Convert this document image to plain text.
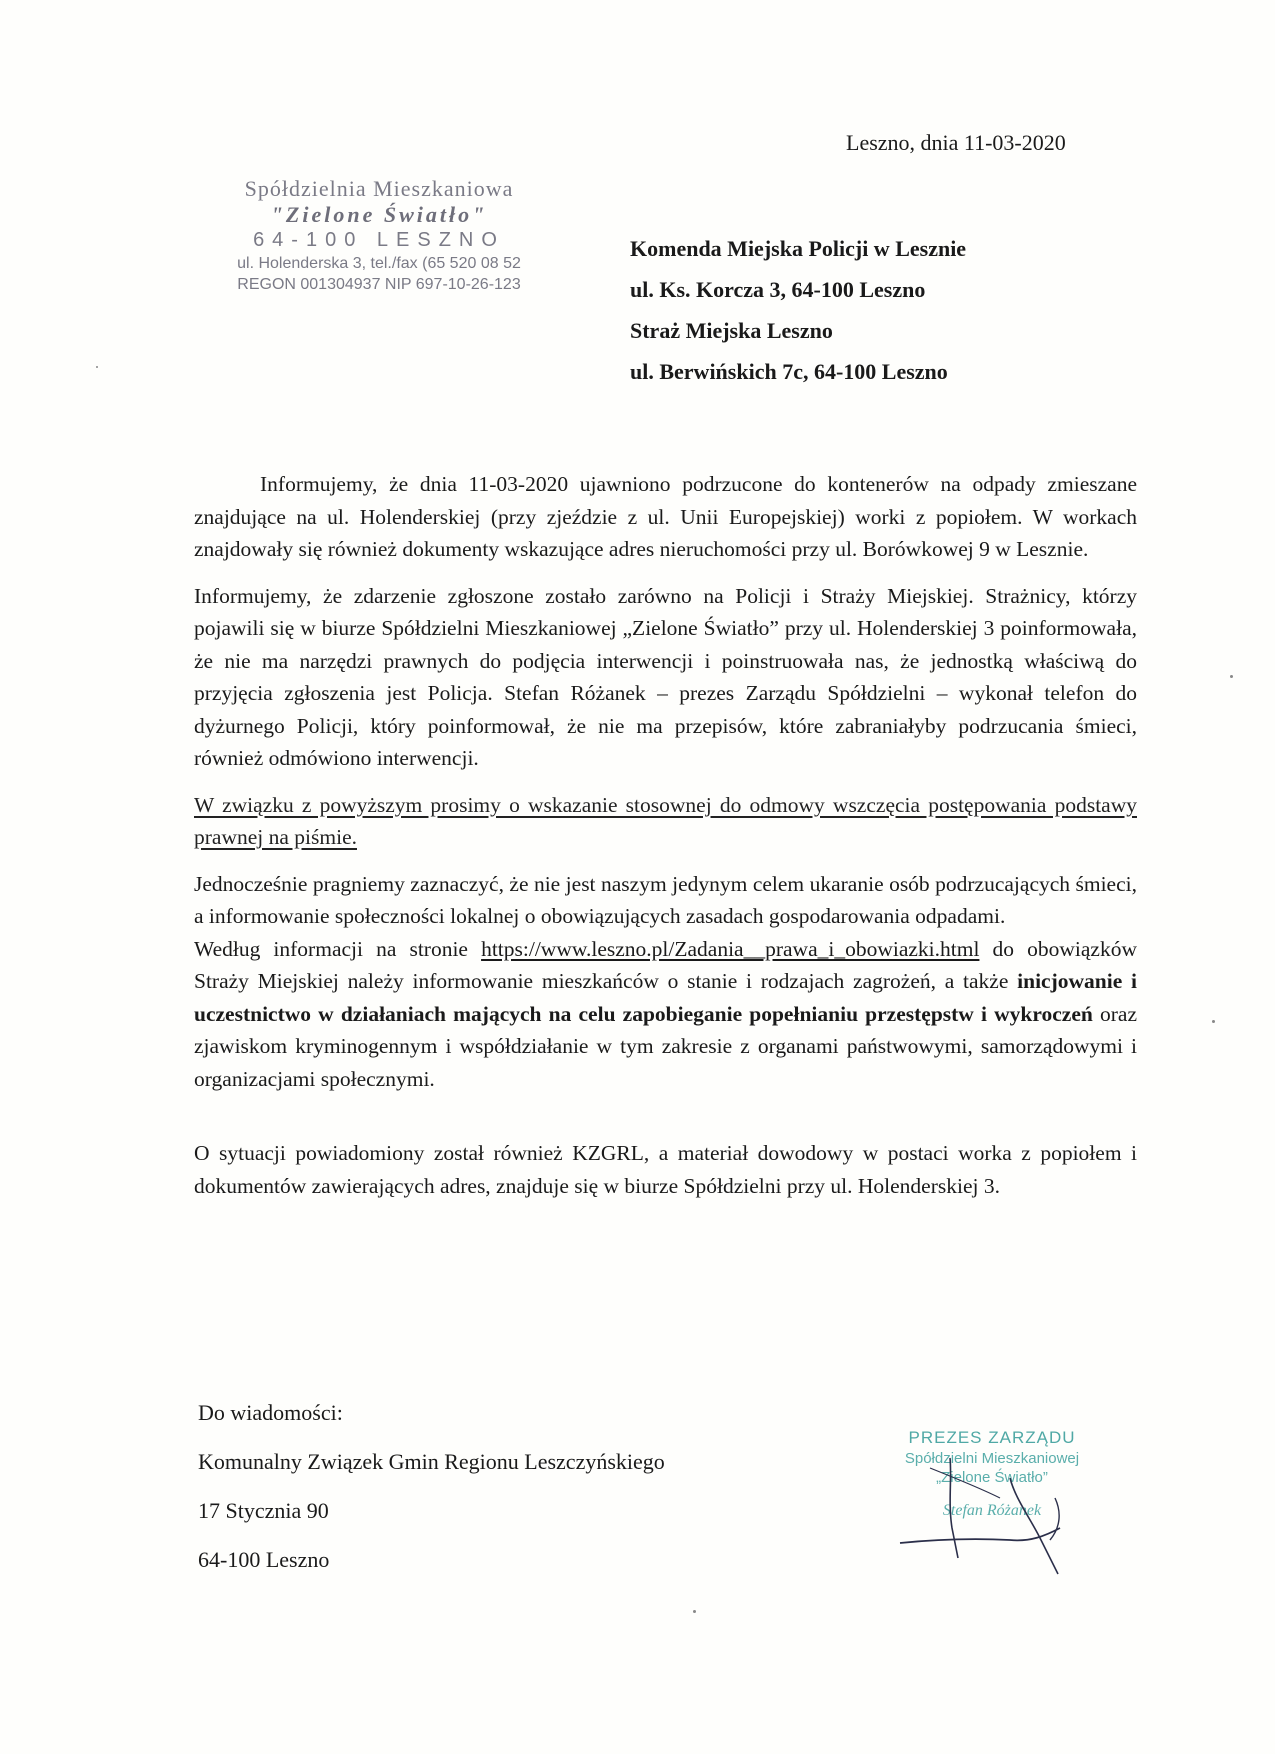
Leszno, dnia 11-03-2020
Spółdzielnia Mieszkaniowa
"Zielone Światło"
64-100 LESZNO
ul. Holenderska 3, tel./fax (65 520 08 52
REGON 001304937 NIP 697-10-26-123
Komenda Miejska Policji w Lesznie
ul. Ks. Korcza 3, 64-100 Leszno
Straż Miejska Leszno
ul. Berwińskich 7c, 64-100 Leszno

Informujemy, że dnia 11-03-2020 ujawniono podrzucone do kontenerów na odpady zmieszane znajdujące na ul. Holenderskiej (przy zjeździe z ul. Unii Europejskiej) worki z popiołem. W workach znajdowały się również dokumenty wskazujące adres nieruchomości przy ul. Borówkowej 9 w Lesznie.

Informujemy, że zdarzenie zgłoszone zostało zarówno na Policji i Straży Miejskiej. Strażnicy, którzy pojawili się w biurze Spółdzielni Mieszkaniowej „Zielone Światło” przy ul. Holenderskiej 3 poinformowała, że nie ma narzędzi prawnych do podjęcia interwencji i poinstruowała nas, że jednostką właściwą do przyjęcia zgłoszenia jest Policja. Stefan Różanek – prezes Zarządu Spółdzielni – wykonał telefon do dyżurnego Policji, który poinformował, że nie ma przepisów, które zabraniałyby podrzucania śmieci, również odmówiono interwencji.

W związku z powyższym prosimy o wskazanie stosownej do odmowy wszczęcia postępowania podstawy prawnej na piśmie.

Jednocześnie pragniemy zaznaczyć, że nie jest naszym jedynym celem ukaranie osób podrzucających śmieci, a informowanie społeczności lokalnej o obowiązujących zasadach gospodarowania odpadami.

Według informacji na stronie https://www.leszno.pl/Zadania__prawa_i_obowiazki.html do obowiązków Straży Miejskiej należy informowanie mieszkańców o stanie i rodzajach zagrożeń, a także inicjowanie i uczestnictwo w działaniach mających na celu zapobieganie popełnianiu przestępstw i wykroczeń oraz zjawiskom kryminogennym i współdziałanie w tym zakresie z organami państwowymi, samorządowymi i organizacjami społecznymi.

O sytuacji powiadomiony został również KZGRL, a materiał dowodowy w postaci worka z popiołem i dokumentów zawierających adres, znajduje się w biurze Spółdzielni przy ul. Holenderskiej 3.

Do wiadomości:
Komunalny Związek Gmin Regionu Leszczyńskiego
17 Stycznia 90
64-100 Leszno
PREZES ZARZĄDU
Spółdzielni Mieszkaniowej
„Zielone Światło”
Stefan Różanek
